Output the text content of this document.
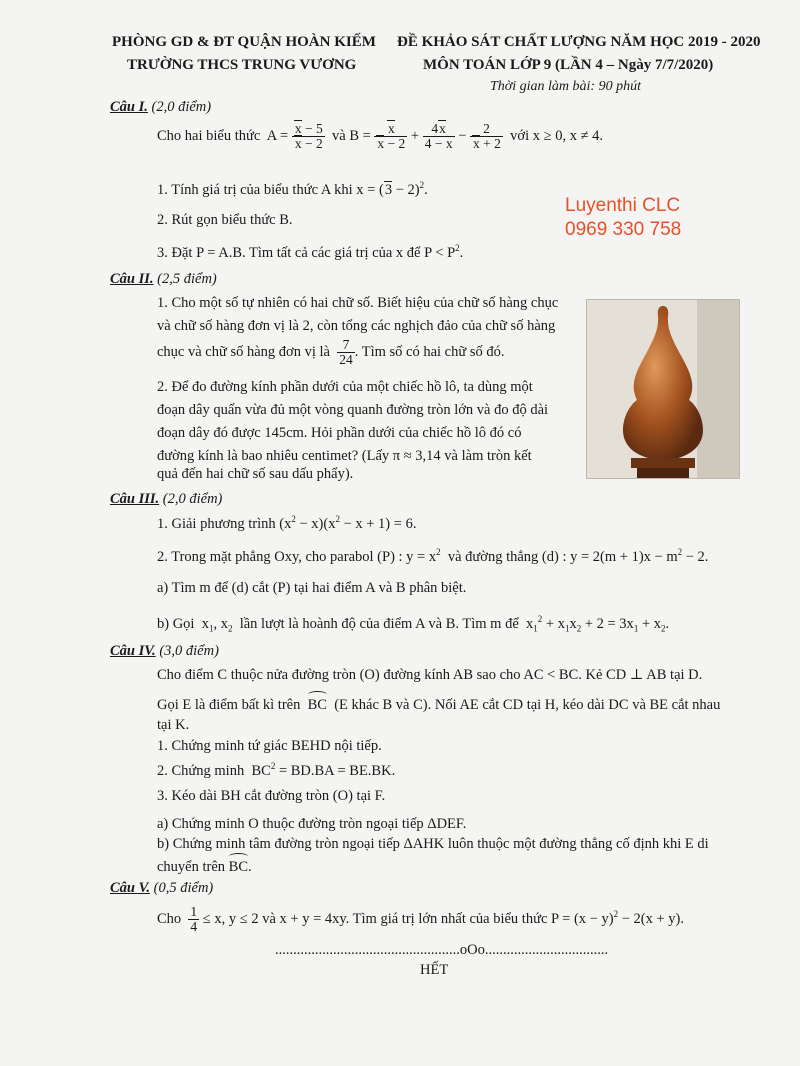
PHÒNG GD & ĐT QUẬN HOÀN KIẾM
TRƯỜNG THCS TRUNG VƯƠNG
ĐỀ KHẢO SÁT CHẤT LƯỢNG NĂM HỌC 2019 - 2020
MÔN TOÁN LỚP 9 (LẦN 4 – Ngày 7/7/2020)
Thời gian làm bài: 90 phút
Luyenthi CLC
0969 330 758
Câu I. (2,0 điểm)
Cho hai biểu thức  $A = \frac{x - 5}{x - 2}$ và $B = \frac{x}{x - 2} + \frac{4x}{4 - x} - \frac{2}{x + 2}$ với x ≥ 0, x ≠ 4.
1. Tính giá trị của biểu thức A khi $x = (3 - 2)^2$.
2. Rút gọn biểu thức B.
3. Đặt P = A.B. Tìm tất cả các giá trị của x để $P < P^2$.
Câu II. (2,5 điểm)
1. Cho một số tự nhiên có hai chữ số. Biết hiệu của chữ số hàng chục
và chữ số hàng đơn vị là 2, còn tổng các nghịch đảo của chữ số hàng
chục và chữ số hàng đơn vị là $\frac{7}{24}$ . Tìm số có hai chữ số đó.
2. Để đo đường kính phần dưới của một chiếc hồ lô, ta dùng một
đoạn dây quấn vừa đủ một vòng quanh đường tròn lớn và đo độ dài
đoạn dây đó được 145cm. Hỏi phần dưới của chiếc hồ lô đó có
đường kính là bao nhiêu centimet? (Lấy π ≈ 3,14 và làm tròn kết
quả đến hai chữ số sau dấu phẩy).
Câu III. (2,0 điểm)
1. Giải phương trình $(x^2 - x)(x^2 - x + 1) = 6$.
2. Trong mặt phẳng Oxy, cho parabol (P) : $y = x^2$ và đường thẳng (d) : $y = 2(m + 1)x - m^2 - 2$.
a) Tìm m để (d) cắt (P) tại hai điểm A và B phân biệt.
b) Gọi  $x_1$, $x_2$ lần lượt là hoành độ của điểm A và B. Tìm m để  $x_1^2 + x_1x_2 + 2 = 3x_1 + x_2$.
Câu IV. (3,0 điểm)
Cho điểm C thuộc nửa đường tròn (O) đường kính AB sao cho AC < BC. Kẻ CD ⊥ AB tại D.
Gọi E là điểm bất kì trên BC (E khác B và C). Nối AE cắt CD tại H, kéo dài DC và BE cắt nhau
tại K.
1. Chứng minh tứ giác BEHD nội tiếp.
2. Chứng minh  $BC^2 = BD.BA = BE.BK$.
3. Kéo dài BH cắt đường tròn (O) tại F.
a) Chứng minh O thuộc đường tròn ngoại tiếp ΔDEF.
b) Chứng minh tâm đường tròn ngoại tiếp ΔAHK luôn thuộc một đường thẳng cố định khi E di
chuyển trên BC
.
Câu V. (0,5 điểm)
Cho $\frac{1}{4} \le x$, y ≤ 2 và x + y = 4xy. Tìm giá trị lớn nhất của biểu thức $P = (x - y)^2 - 2(x + y)$.
...................................................oOo..................................
HẾT
